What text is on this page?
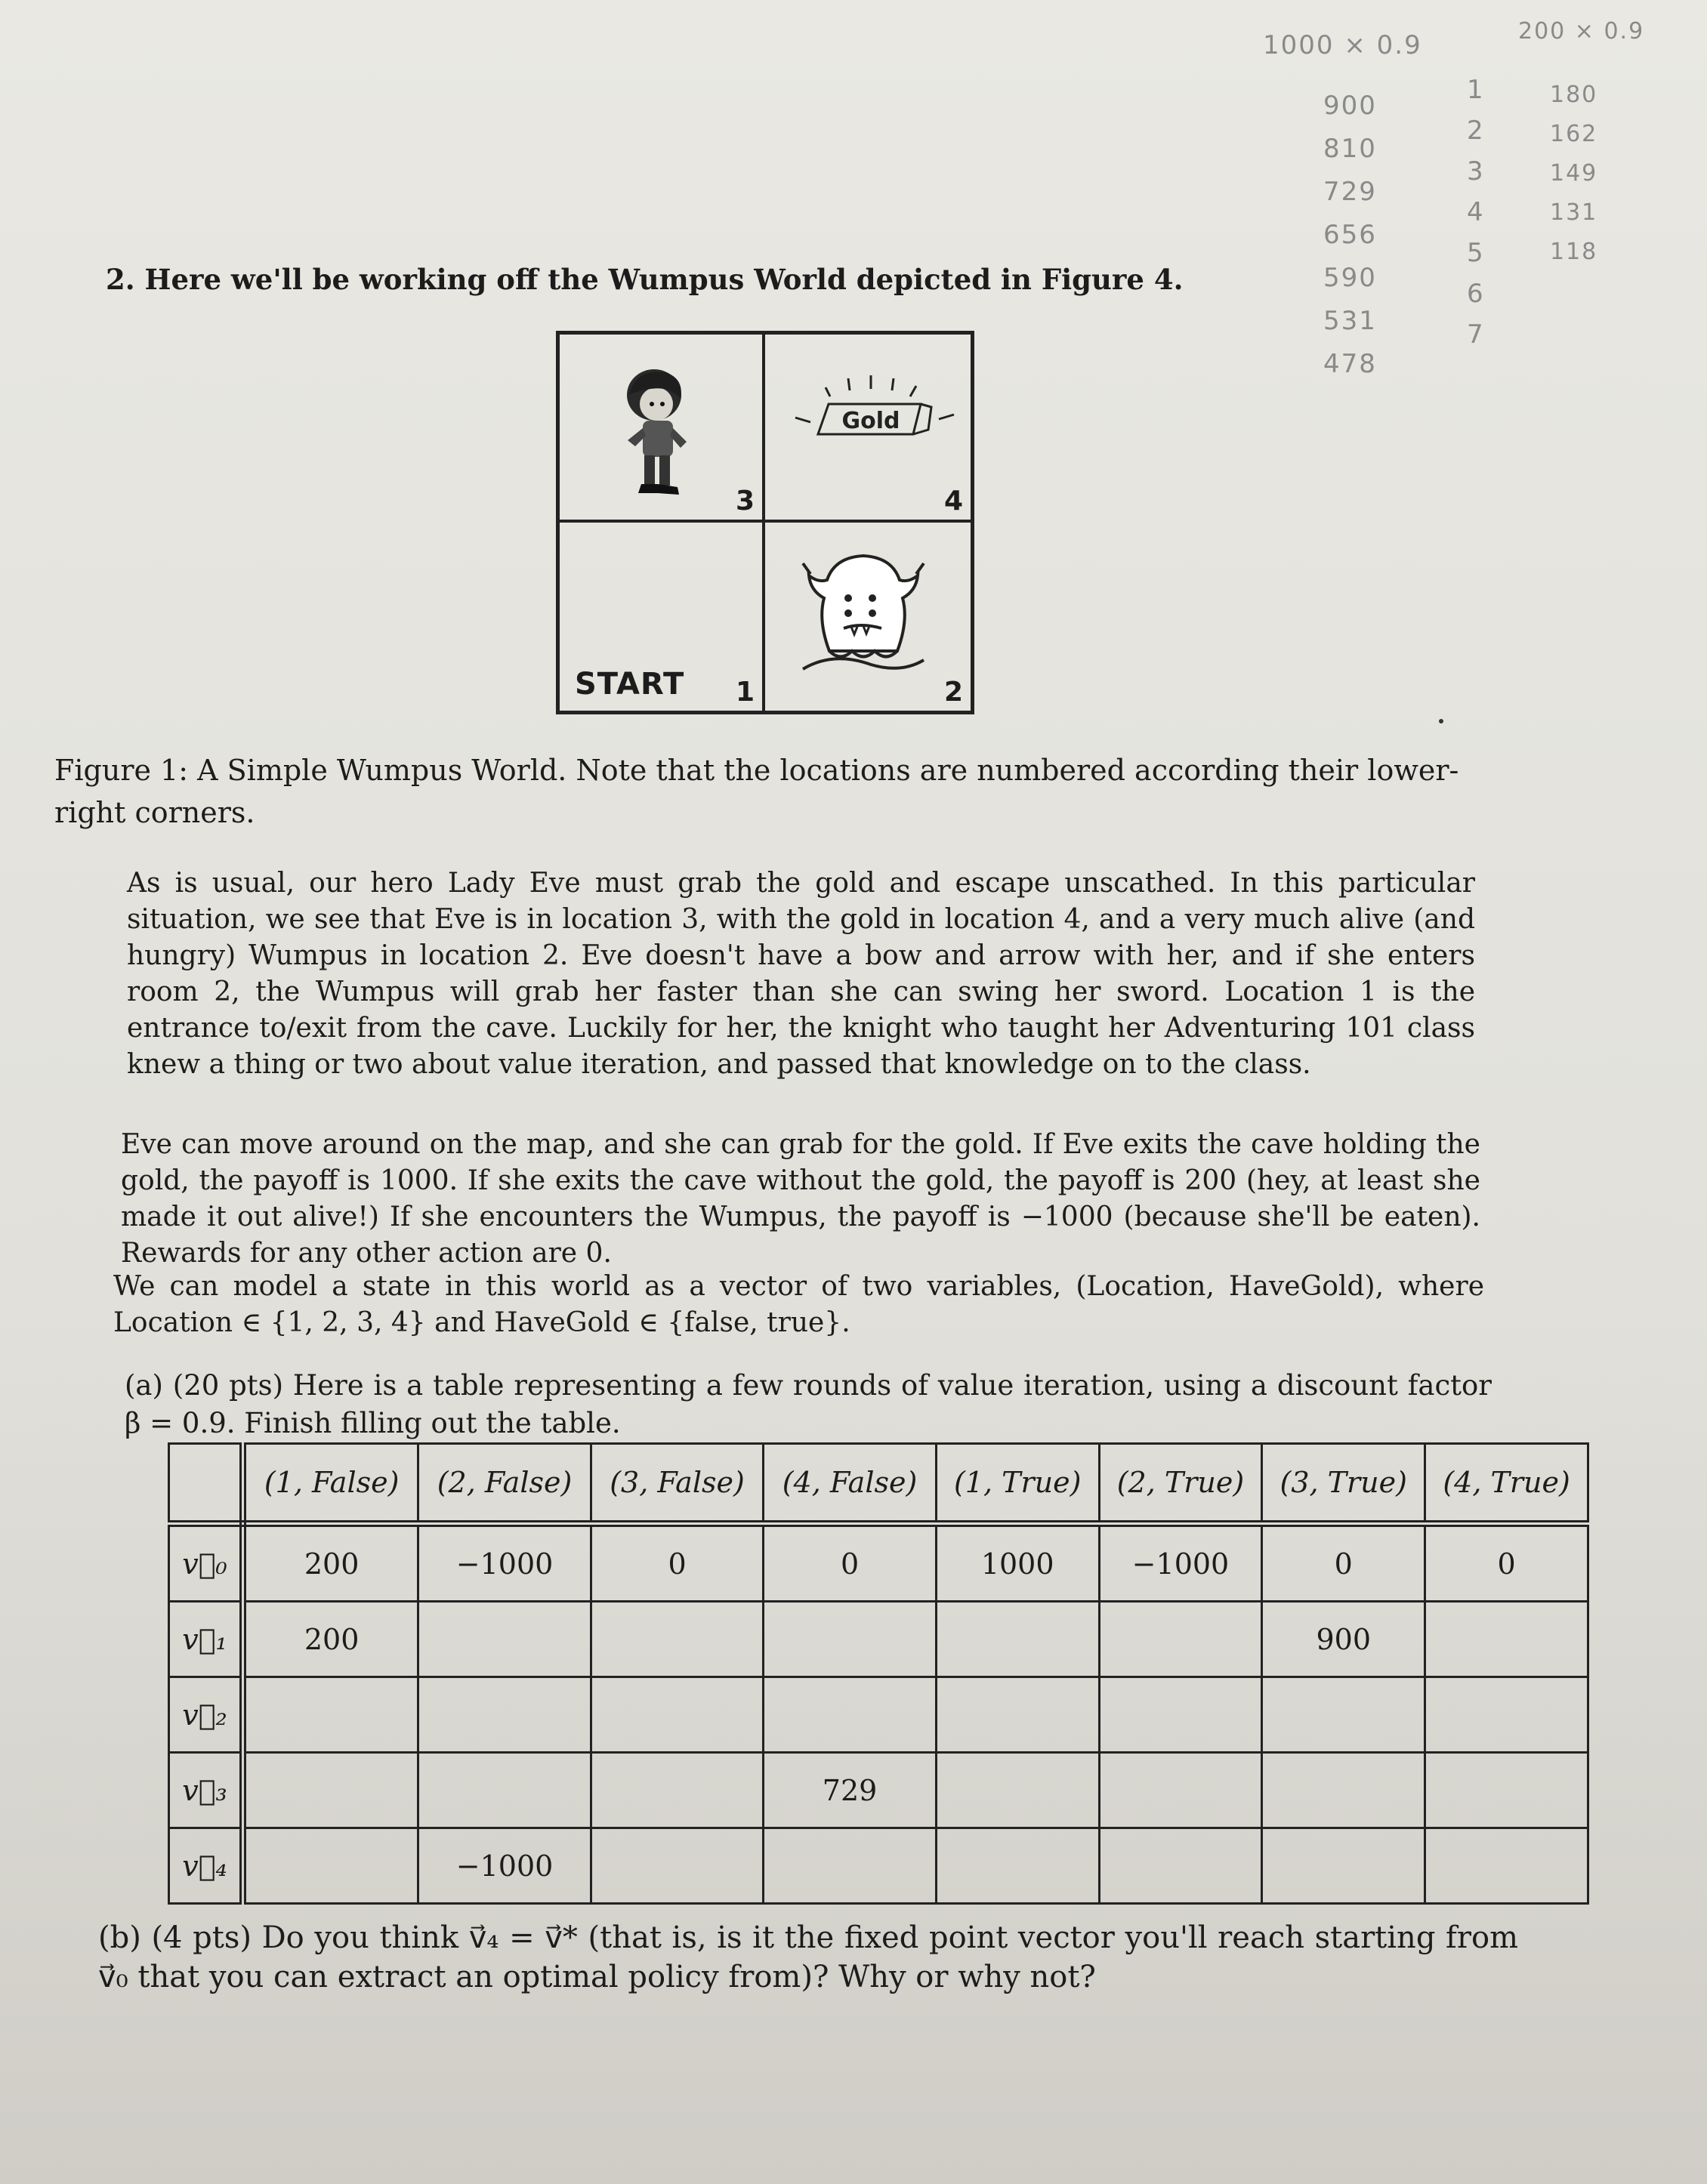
1000 × 0.9	200 × 0.9
900
810
729
656
590
531
478
1
2
3
4
5
6
7
180
162
149
131
118
2. Here we'll be working off the Wumpus World depicted in Figure 4.
3
Gold
4
START 1	2
Figure 1: A Simple Wumpus World. Note that the locations are numbered according their lower-right corners.
As is usual, our hero Lady Eve must grab the gold and escape unscathed. In this particular situation, we see that Eve is in location 3, with the gold in location 4, and a very much alive (and hungry) Wumpus in location 2. Eve doesn't have a bow and arrow with her, and if she enters room 2, the Wumpus will grab her faster than she can swing her sword. Location 1 is the entrance to/exit from the cave. Luckily for her, the knight who taught her Adventuring 101 class knew a thing or two about value iteration, and passed that knowledge on to the class.
Eve can move around on the map, and she can grab for the gold. If Eve exits the cave holding the gold, the payoff is 1000. If she exits the cave without the gold, the payoff is 200 (hey, at least she made it out alive!) If she encounters the Wumpus, the payoff is −1000 (because she'll be eaten). Rewards for any other action are 0.
We can model a state in this world as a vector of two variables, (Location, HaveGold), where Location ∈ {1, 2, 3, 4} and HaveGold ∈ {false, true}.
(a) (20 pts) Here is a table representing a few rounds of value iteration, using a discount factor β = 0.9. Finish filling out the table.
	(1, False)	(2, False)	(3, False)	(4, False)	(1, True)	(2, True)	(3, True)	(4, True)
v⃗₀	200	−1000	0	0	1000	−1000	0	0
v⃗₁	200						900	
v⃗₂								
v⃗₃				729				
v⃗₄		−1000						
(b) (4 pts) Do you think v⃗₄ = v⃗* (that is, is it the fixed point vector you'll reach starting from v⃗₀ that you can extract an optimal policy from)? Why or why not?
